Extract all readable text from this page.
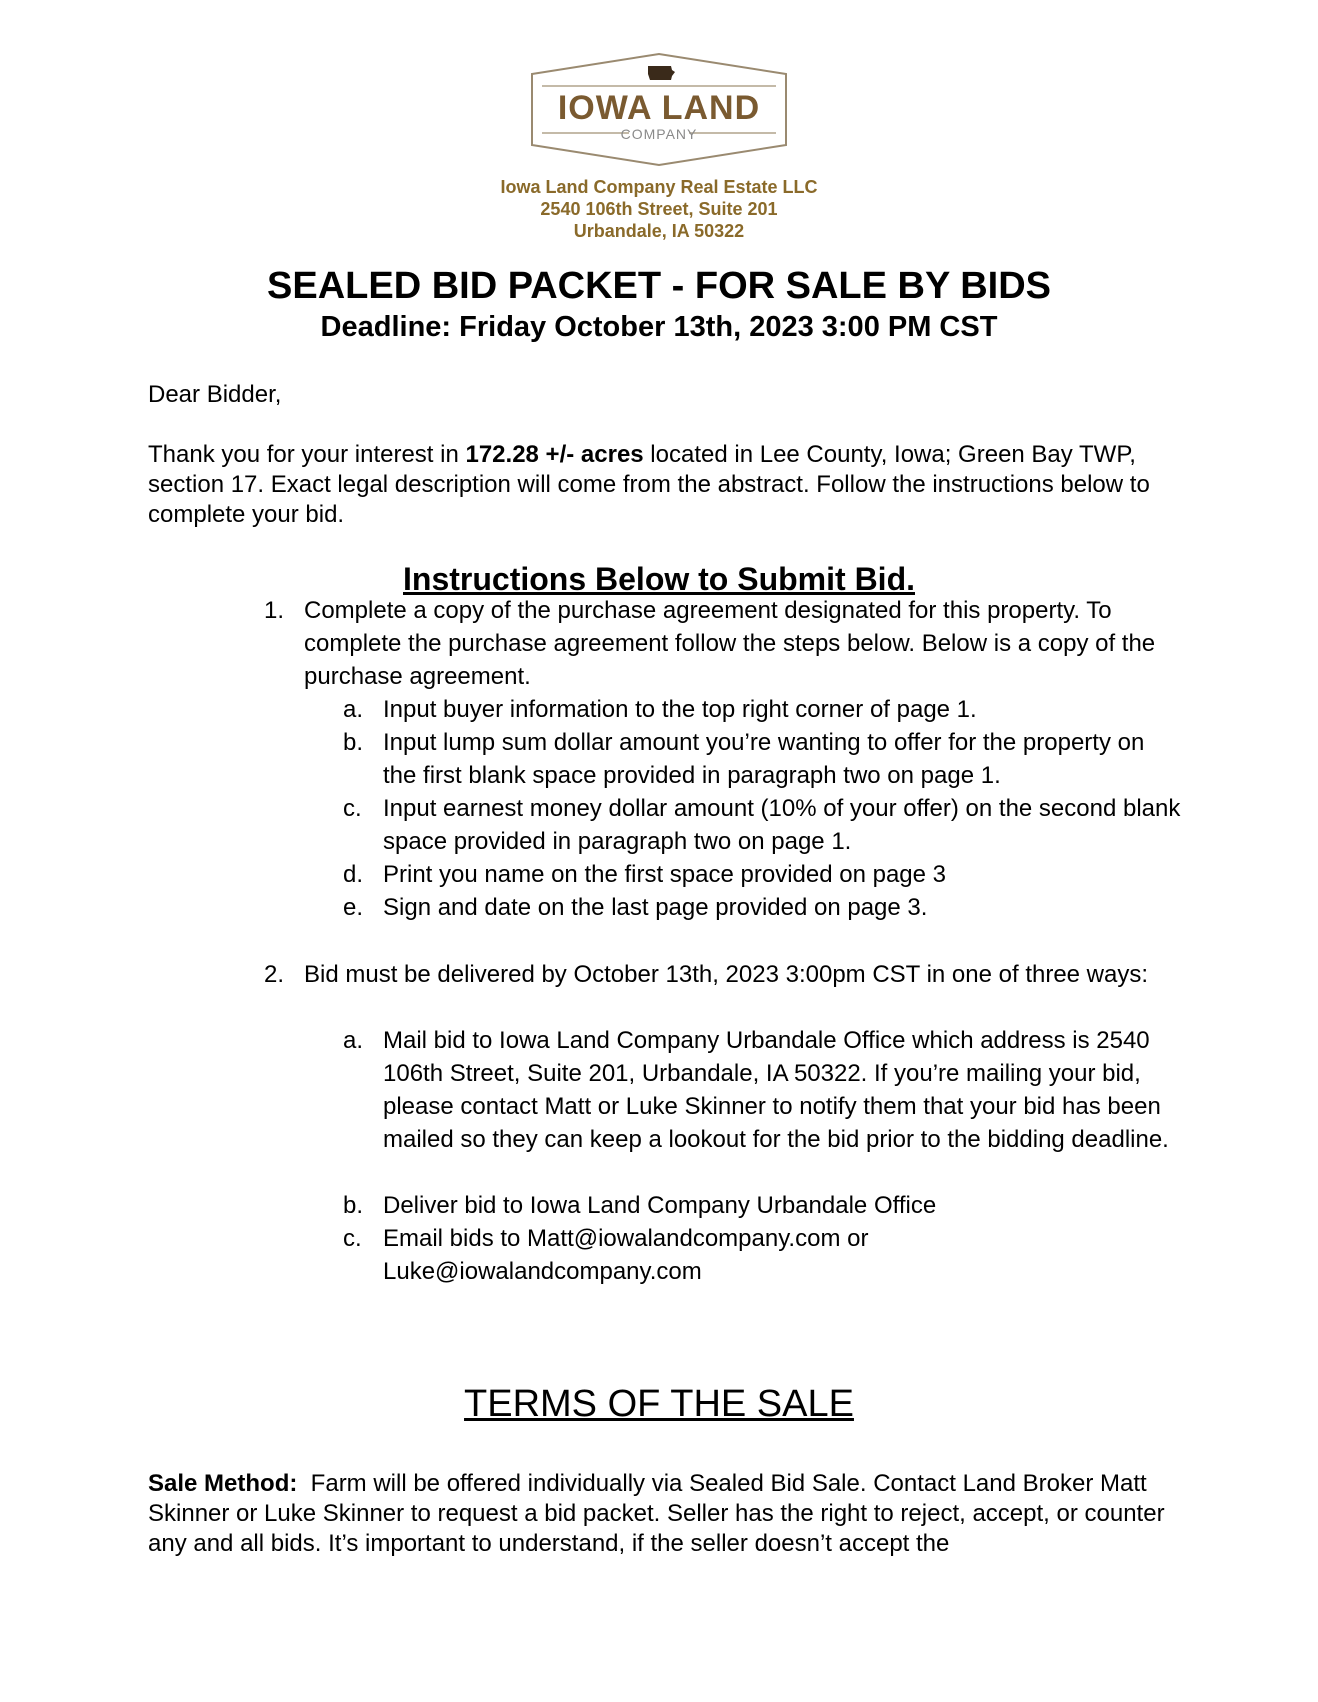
IOWA LAND
COMPANY
Iowa Land Company Real Estate LLC
2540 106th Street, Suite 201
Urbandale, IA 50322
SEALED BID PACKET - FOR SALE BY BIDS
Deadline: Friday October 13th, 2023 3:00 PM CST
Dear Bidder,
Thank you for your interest in 172.28 +/- acres located in Lee County, Iowa; Green Bay TWP, section 17. Exact legal description will come from the abstract. Follow the instructions below to complete your bid.
Instructions Below to Submit Bid.
1. Complete a copy of the purchase agreement designated for this property. To complete the purchase agreement follow the steps below. Below is a copy of the purchase agreement.
a. Input buyer information to the top right corner of page 1.
b. Input lump sum dollar amount you’re wanting to offer for the property on the first blank space provided in paragraph two on page 1.
c. Input earnest money dollar amount (10% of your offer) on the second blank space provided in paragraph two on page 1.
d. Print you name on the first space provided on page 3
e. Sign and date on the last page provided on page 3.
2. Bid must be delivered by October 13th, 2023 3:00pm CST in one of three ways:
a. Mail bid to Iowa Land Company Urbandale Office which address is 2540 106th Street, Suite 201, Urbandale, IA 50322. If you’re mailing your bid, please contact Matt or Luke Skinner to notify them that your bid has been mailed so they can keep a lookout for the bid prior to the bidding deadline.
b. Deliver bid to Iowa Land Company Urbandale Office
c. Email bids to Matt@iowalandcompany.com or Luke@iowalandcompany.com
TERMS OF THE SALE
Sale Method:  Farm will be offered individually via Sealed Bid Sale. Contact Land Broker Matt Skinner or Luke Skinner to request a bid packet. Seller has the right to reject, accept, or counter any and all bids. It’s important to understand, if the seller doesn’t accept the
